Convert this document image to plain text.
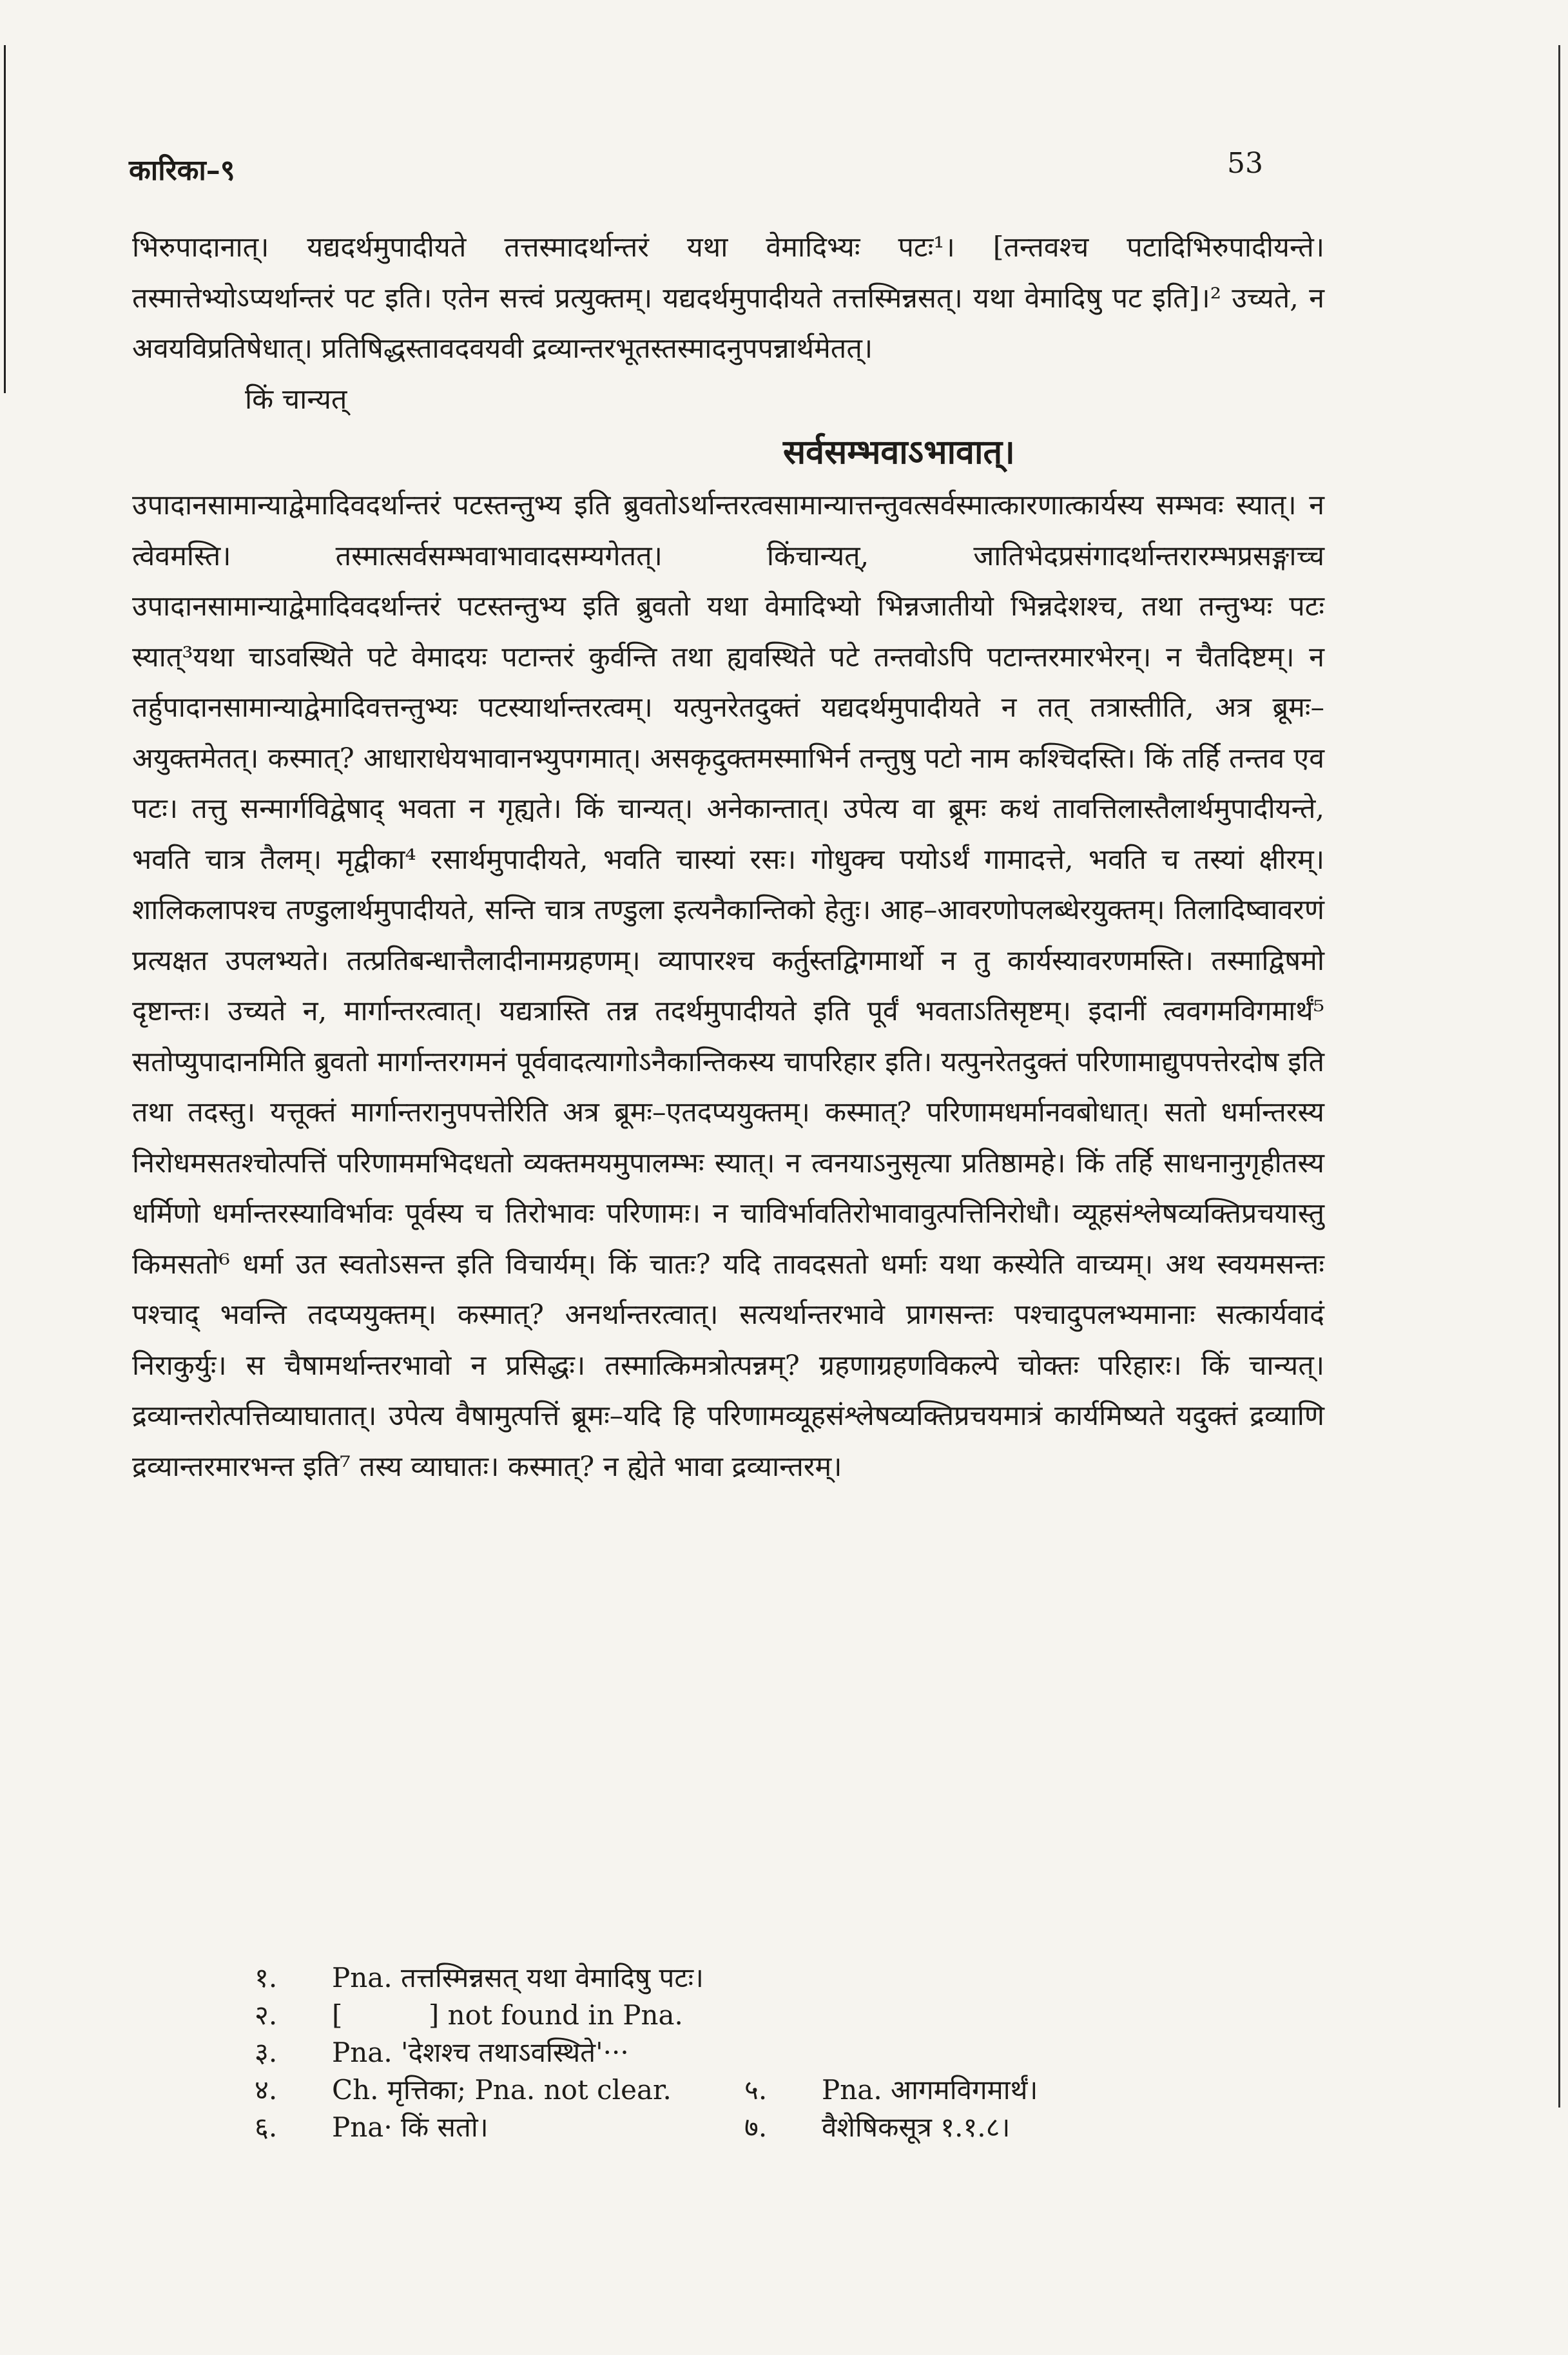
कारिका–९	53

भिरुपादानात्। यद्यदर्थमुपादीयते तत्तस्मादर्थान्तरं यथा वेमादिभ्यः पटः¹। [तन्तवश्च पटादिभिरुपादीयन्ते। तस्मात्तेभ्योऽप्यर्थान्तरं पट इति। एतेन सत्त्वं प्रत्युक्तम्। यद्यदर्थमुपादीयते तत्तस्मिन्नसत्। यथा वेमादिषु पट इति]।² उच्यते, न अवयविप्रतिषेधात्। प्रतिषिद्धस्तावदवयवी द्रव्यान्तरभूतस्तस्मादनुपपन्नार्थमेतत्।

किं चान्यत्

सर्वसम्भवाऽभावात्।

उपादानसामान्याद्वेमादिवदर्थान्तरं पटस्तन्तुभ्य इति ब्रुवतोऽर्थान्तरत्वसामान्यात्तन्तुवत्सर्वस्मात्कारणात्कार्यस्य सम्भवः स्यात्। न त्वेवमस्ति। तस्मात्सर्वसम्भवाभावादसम्यगेतत्। किंचान्यत्, जातिभेदप्रसंगादर्थान्तरारम्भप्रसङ्गाच्च उपादानसामान्याद्वेमादिवदर्थान्तरं पटस्तन्तुभ्य इति ब्रुवतो यथा वेमादिभ्यो भिन्नजातीयो भिन्नदेशश्च, तथा तन्तुभ्यः पटः स्यात्³यथा चाऽवस्थिते पटे वेमादयः पटान्तरं कुर्वन्ति तथा ह्यवस्थिते पटे तन्तवोऽपि पटान्तरमारभेरन्। न चैतदिष्टम्। न तर्हुपादानसामान्याद्वेमादिवत्तन्तुभ्यः पटस्यार्थान्तरत्वम्। यत्पुनरेतदुक्तं यद्यदर्थमुपादीयते न तत् तत्रास्तीति, अत्र ब्रूमः–अयुक्तमेतत्। कस्मात्? आधाराधेयभावानभ्युपगमात्। असकृदुक्तमस्माभिर्न तन्तुषु पटो नाम कश्चिदस्ति। किं तर्हि तन्तव एव पटः। तत्तु सन्मार्गविद्वेषाद् भवता न गृह्यते। किं चान्यत्। अनेकान्तात्। उपेत्य वा ब्रूमः कथं तावत्तिलास्तैलार्थमुपादीयन्ते, भवति चात्र तैलम्। मृद्वीका⁴ रसार्थमुपादीयते, भवति चास्यां रसः। गोधुक्च पयोऽर्थं गामादत्ते, भवति च तस्यां क्षीरम्। शालिकलापश्च तण्डुलार्थमुपादीयते, सन्ति चात्र तण्डुला इत्यनैकान्तिको हेतुः। आह–आवरणोपलब्धेरयुक्तम्। तिलादिष्वावरणं प्रत्यक्षत उपलभ्यते। तत्प्रतिबन्धात्तैलादीनामग्रहणम्। व्यापारश्च कर्तुस्तद्विगमार्थो न तु कार्यस्यावरणमस्ति। तस्माद्विषमो दृष्टान्तः। उच्यते न, मार्गान्तरत्वात्। यद्यत्रास्ति तन्न तदर्थमुपादीयते इति पूर्वं भवताऽतिसृष्टम्। इदानीं त्ववगमविगमार्थं⁵ सतोप्युपादानमिति ब्रुवतो मार्गान्तरगमनं पूर्ववादत्यागोऽनैकान्तिकस्य चापरिहार इति। यत्पुनरेतदुक्तं परिणामाद्युपपत्तेरदोष इति तथा तदस्तु। यत्तूक्तं मार्गान्तरानुपपत्तेरिति अत्र ब्रूमः–एतदप्ययुक्तम्। कस्मात्? परिणामधर्मानवबोधात्। सतो धर्मान्तरस्य निरोधमसतश्चोत्पत्तिं परिणाममभिदधतो व्यक्तमयमुपालम्भः स्यात्। न त्वनयाऽनुसृत्या प्रतिष्ठामहे। किं तर्हि साधनानुगृहीतस्य धर्मिणो धर्मान्तरस्याविर्भावः पूर्वस्य च तिरोभावः परिणामः। न चाविर्भावतिरोभावावुत्पत्तिनिरोधौ। व्यूहसंश्लेषव्यक्तिप्रचयास्तु किमसतो⁶ धर्मा उत स्वतोऽसन्त इति विचार्यम्। किं चातः? यदि तावदसतो धर्माः यथा कस्येति वाच्यम्। अथ स्वयमसन्तः पश्चाद् भवन्ति तदप्ययुक्तम्। कस्मात्? अनर्थान्तरत्वात्। सत्यर्थान्तरभावे प्रागसन्तः पश्चादुपलभ्यमानाः सत्कार्यवादं निराकुर्युः। स चैषामर्थान्तरभावो न प्रसिद्धः। तस्मात्किमत्रोत्पन्नम्? ग्रहणाग्रहणविकल्पे चोक्तः परिहारः। किं चान्यत्। द्रव्यान्तरोत्पत्तिव्याघातात्। उपेत्य वैषामुत्पत्तिं ब्रूमः–यदि हि परिणामव्यूहसंश्लेषव्यक्तिप्रचयमात्रं कार्यमिष्यते यदुक्तं द्रव्याणि द्रव्यान्तरमारभन्त इति⁷ तस्य व्याघातः। कस्मात्? न ह्येते भावा द्रव्यान्तरम्।

१.	Pna. तत्तस्मिन्नसत् यथा वेमादिषु पटः।
२.	[          ] not found in Pna.
३.	Pna. 'देशश्च तथाऽवस्थिते'···
४.	Ch. मृत्तिका; Pna. not clear.	५.	Pna. आगमविगमार्थं।
६.	Pna· किं सतो।	७.	वैशेषिकसूत्र १.१.८।
